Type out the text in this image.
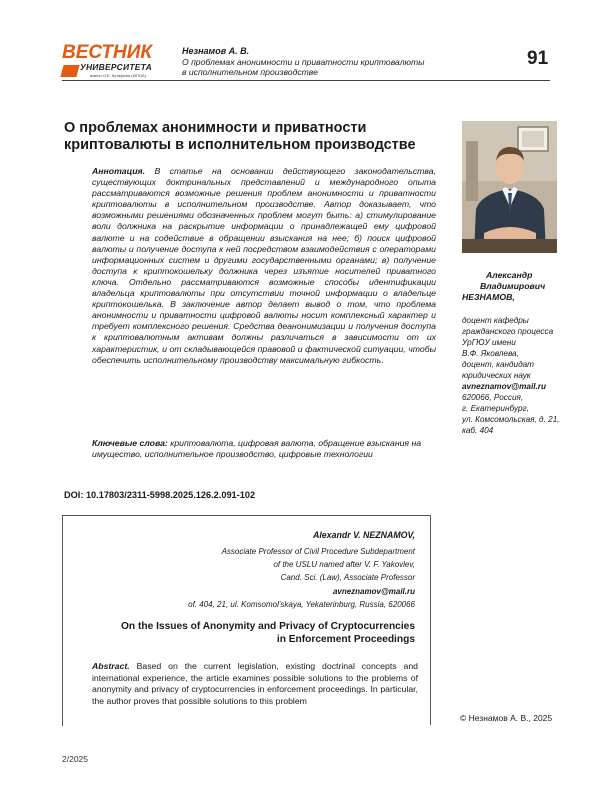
ВЕСТНИК
УНИВЕРСИТЕТА
имени О.Е. Кутафина (МГЮА)
Незнамов А. В.
О проблемах анонимности и приватности криптовалюты
в исполнительном производстве
91
О проблемах анонимности и приватности
криптовалюты в исполнительном производстве
Аннотация. В статье на основании действующего законодательства, существующих доктринальных представлений и международного опыта рассматриваются возможные решения проблем анонимности и приватности криптовалюты в исполнительном производстве. Автор доказывает, что возможными решениями обозначенных проблем могут быть: а) стимулирование воли должника на раскрытие информации о принадлежащей ему цифровой валюте и на содействие в обращении взыскания на нее; б) поиск цифровой валюты и получение доступа к ней посредством взаимодействия с операторами информационных систем и другими государственными органами; в) получение доступа к криптокошельку должника через изъятие носителей приватного ключа. Отдельно рассматриваются возможные способы идентификации владельца криптовалюты при отсутствии точной информации о владельце криптокошелька. В заключение автор делает вывод о том, что проблема анонимности и приватности цифровой валюты носит комплексный характер и требует комплексного решения. Средства деанонимизации и получения доступа к криптовалютным активам должны различаться в зависимости от их характеристик, и от складывающейся правовой и фактической ситуации, чтобы обеспечить исполнительному производству максимальную гибкость.
Ключевые слова: криптовалюта, цифровая валюта, обращение взыскания на имущество, исполнительное производство, цифровые технологии
Александр
Владимирович
НЕЗНАМОВ,
доцент кафедры
гражданского процесса
УрГЮУ имени
В.Ф. Яковлева,
доцент, кандидат
юридических наук
avneznamov@mail.ru
620066, Россия,
г. Екатеринбург,
ул. Комсомольская, д. 21,
каб. 404
DOI: 10.17803/2311-5998.2025.126.2.091-102
Alexandr V. NEZNAMOV,
Associate Professor of Civil Procedure Subdepartment
of the USLU named after V. F. Yakovlev,
Cand. Sci. (Law), Associate Professor
avneznamov@mail.ru
of. 404, 21, ul. Komsomol'skaya, Yekaterinburg, Russia, 620066
On the Issues of Anonymity and Privacy of Cryptocurrencies
in Enforcement Proceedings
Abstract. Based on the current legislation, existing doctrinal concepts and international experience, the article examines possible solutions to the problems of anonymity and privacy of cryptocurrencies in enforcement proceedings. In particular, the author proves that possible solutions to this problem
© Незнамов А. В., 2025
2/2025
